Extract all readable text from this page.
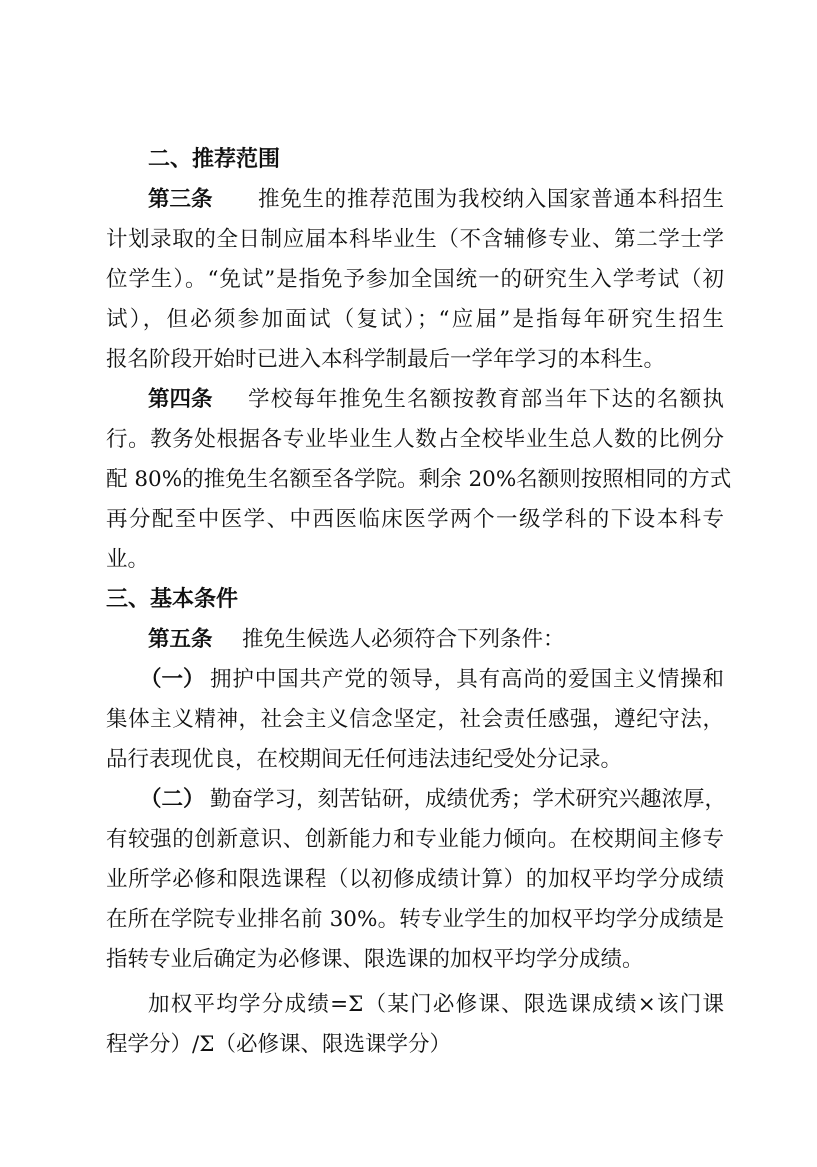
二、推荐范围
第三条 推免生的推荐范围为我校纳入国家普通本科招生
计划录取的全日制应届本科毕业生（不含辅修专业、第二学士学
位学生）。“免试”是指免予参加全国统一的研究生入学考试（初
试），但必须参加面试（复试）；“应届”是指每年研究生招生
报名阶段开始时已进入本科学制最后一学年学习的本科生。
第四条 学校每年推免生名额按教育部当年下达的名额执
行。教务处根据各专业毕业生人数占全校毕业生总人数的比例分
配 80%的推免生名额至各学院。剩余 20%名额则按照相同的方式
再分配至中医学、中西医临床医学两个一级学科的下设本科专
业。
三、基本条件
第五条 推免生候选人必须符合下列条件：
（一） 拥护中国共产党的领导，具有高尚的爱国主义情操和
集体主义精神，社会主义信念坚定，社会责任感强，遵纪守法，
品行表现优良，在校期间无任何违法违纪受处分记录。
（二） 勤奋学习，刻苦钻研，成绩优秀；学术研究兴趣浓厚，
有较强的创新意识、创新能力和专业能力倾向。在校期间主修专
业所学必修和限选课程（以初修成绩计算）的加权平均学分成绩
在所在学院专业排名前 30%。转专业学生的加权平均学分成绩是
指转专业后确定为必修课、限选课的加权平均学分成绩。
加权平均学分成绩=Σ（某门必修课、限选课成绩×该门课
程学分）/Σ（必修课、限选课学分）
